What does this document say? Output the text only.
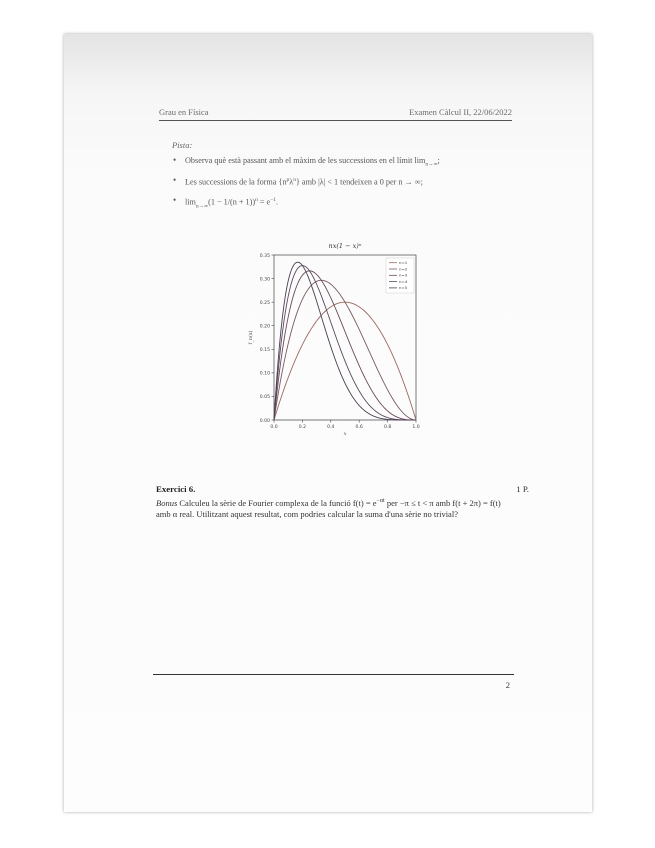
Grau en Física	Examen Càlcul II, 22/06/2022
Pista:
• Observa què està passant amb el màxim de les successions en el límit $\lim_{n\to\infty}$;
• Les successions de la forma $\{n^p\lambda^n\}$ amb |λ| < 1 tendeixen a 0 per n → ∞;
• $\lim_{n\to\infty}(1 - 1/(n + 1))^n = e^{-1}$.
nx(1 − x)ⁿ
0.00
0.05
0.10
0.15
0.20
0.25
0.30
0.35
0.0	0.2	0.4	0.6	0.8	1.0
x
f_n(x)
n=1
n=2
n=3
n=4
n=5
Exercici 6.	1 P.

Bonus Calculeu la sèrie de Fourier complexa de la funció $f(t) = e^{-\alpha t}$ per −π ≤ t < π amb f(t + 2π) = f(t) amb α real. Utilitzant aquest resultat, com podries calcular la suma d'una sèrie no trivial?

2
